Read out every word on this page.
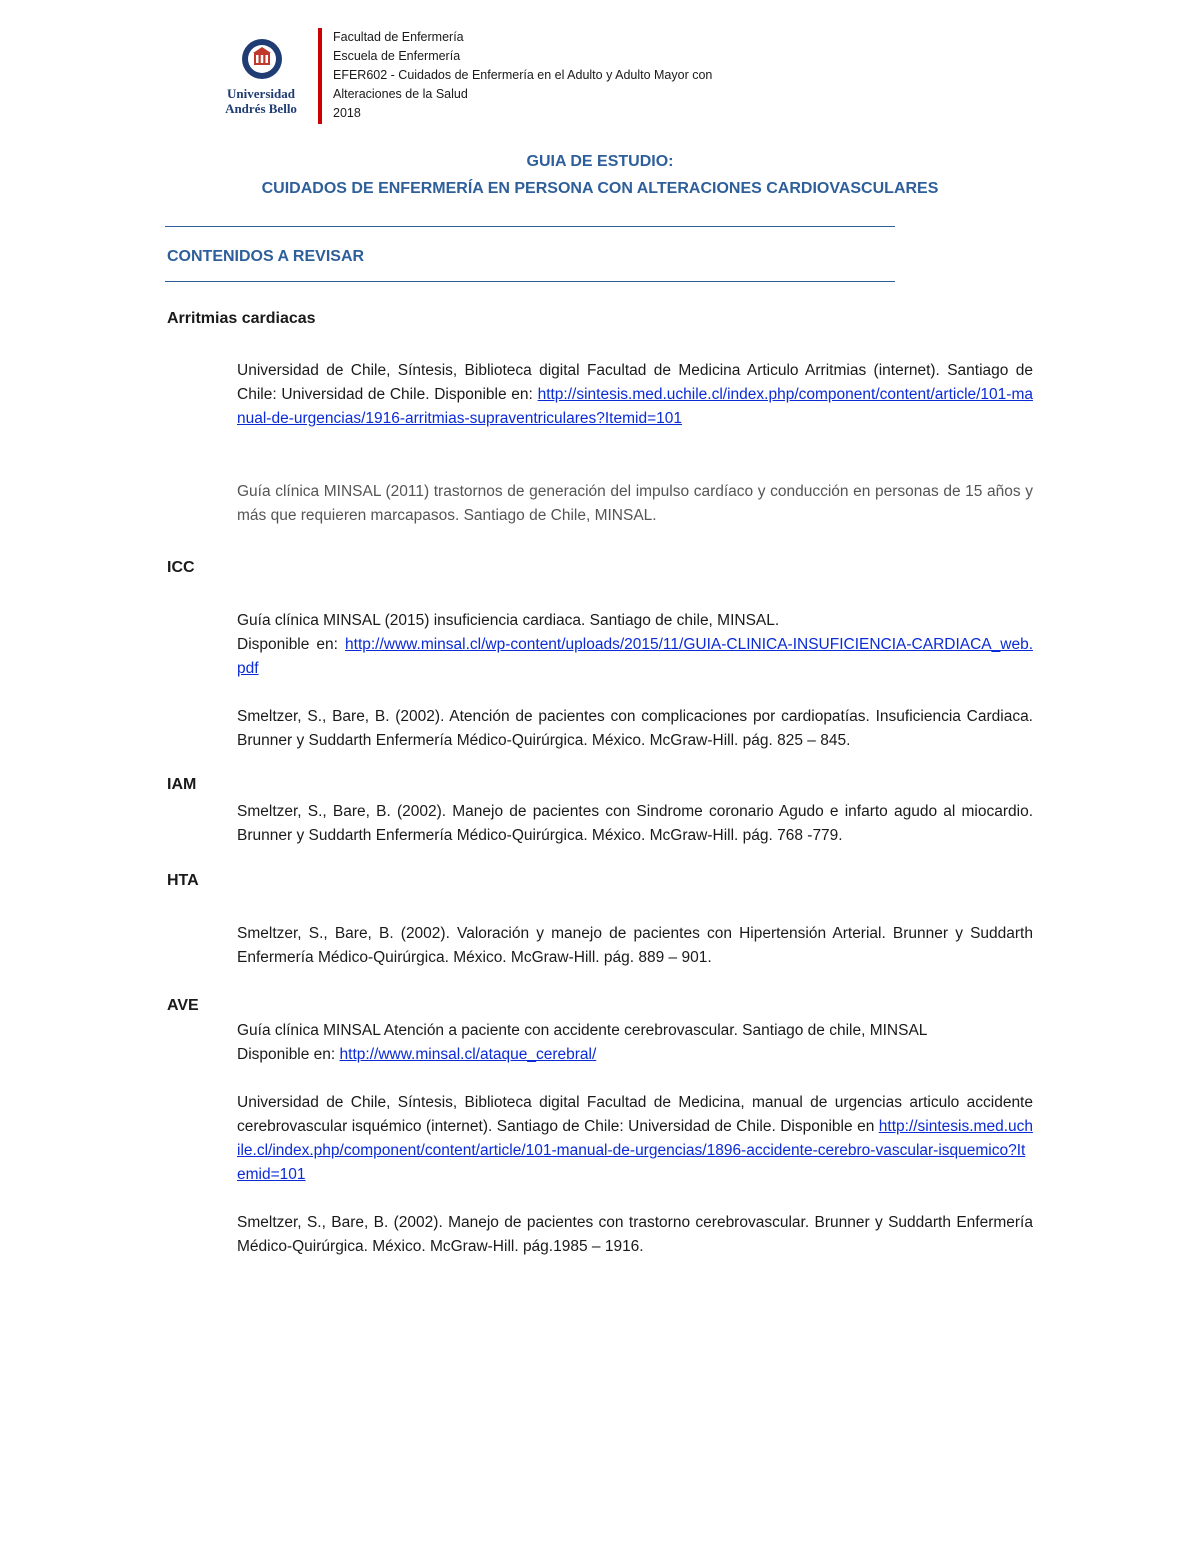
Universidad
Andrés Bello
Facultad de Enfermería
Escuela de Enfermería
EFER602 - Cuidados de Enfermería en el Adulto y Adulto Mayor con
Alteraciones de la Salud
2018
GUIA DE ESTUDIO:
CUIDADOS DE ENFERMERÍA EN PERSONA CON ALTERACIONES CARDIOVASCULARES
CONTENIDOS A REVISAR
Arritmias cardiacas
Universidad de Chile, Síntesis, Biblioteca digital Facultad de Medicina Articulo Arritmias (internet). Santiago de Chile: Universidad de Chile. Disponible en: http://sintesis.med.uchile.cl/index.php/component/content/article/101-manual-de-urgencias/1916-arritmias-supraventriculares?Itemid=101
Guía clínica MINSAL (2011) trastornos de generación del impulso cardíaco y conducción en personas de 15 años y más que requieren marcapasos. Santiago de Chile, MINSAL.
ICC
Guía clínica MINSAL (2015) insuficiencia cardiaca. Santiago de chile, MINSAL.
Disponible en: http://www.minsal.cl/wp-content/uploads/2015/11/GUIA-CLINICA-INSUFICIENCIA-CARDIACA_web.pdf
Smeltzer, S., Bare, B. (2002). Atención de pacientes con complicaciones por cardiopatías. Insuficiencia Cardiaca. Brunner y Suddarth Enfermería Médico-Quirúrgica. México. McGraw-Hill. pág. 825 – 845.
IAM
Smeltzer, S., Bare, B. (2002). Manejo de pacientes con Sindrome coronario Agudo e infarto agudo al miocardio. Brunner y Suddarth Enfermería Médico-Quirúrgica. México. McGraw-Hill. pág. 768 -779.
HTA
Smeltzer, S., Bare, B. (2002). Valoración y manejo de pacientes con Hipertensión Arterial. Brunner y Suddarth Enfermería Médico-Quirúrgica. México. McGraw-Hill. pág. 889 – 901.
AVE
Guía clínica MINSAL Atención a paciente con accidente cerebrovascular. Santiago de chile, MINSAL
Disponible en: http://www.minsal.cl/ataque_cerebral/
Universidad de Chile, Síntesis, Biblioteca digital Facultad de Medicina, manual de urgencias articulo accidente cerebrovascular isquémico (internet). Santiago de Chile: Universidad de Chile. Disponible en http://sintesis.med.uchile.cl/index.php/component/content/article/101-manual-de-urgencias/1896-accidente-cerebro-vascular-isquemico?Itemid=101
Smeltzer, S., Bare, B. (2002). Manejo de pacientes con trastorno cerebrovascular. Brunner y Suddarth Enfermería Médico-Quirúrgica. México. McGraw-Hill. pág.1985 – 1916.
